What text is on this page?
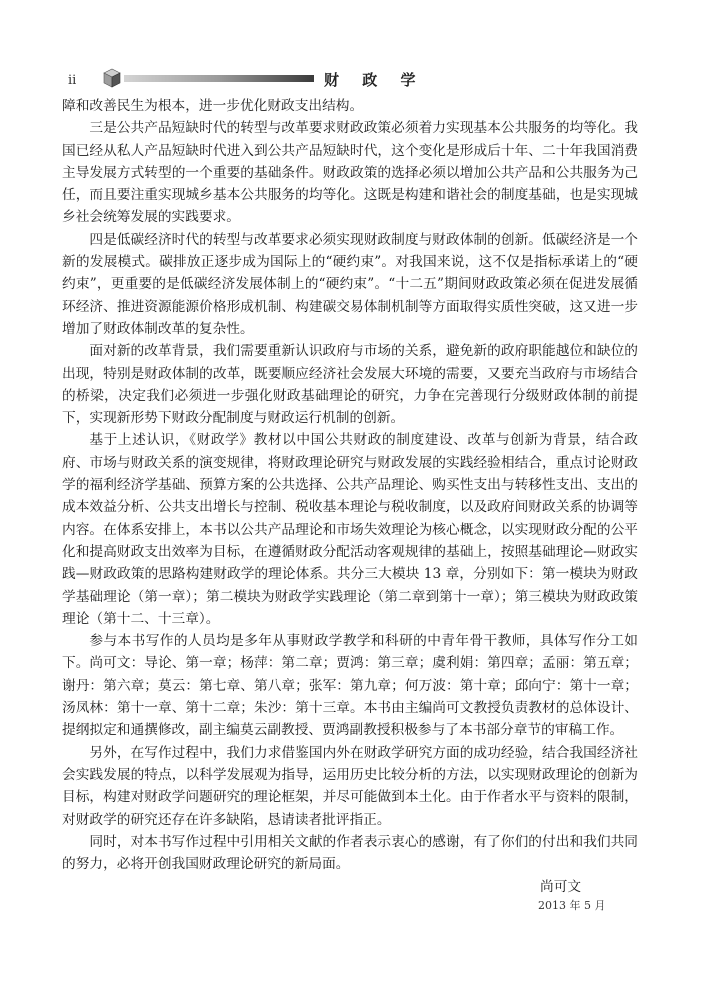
ii	财 政 学

障和改善民生为根本，进一步优化财政支出结构。

三是公共产品短缺时代的转型与改革要求财政政策必须着力实现基本公共服务的均等化。我国已经从私人产品短缺时代进入到公共产品短缺时代，这个变化是形成后十年、二十年我国消费主导发展方式转型的一个重要的基础条件。财政政策的选择必须以增加公共产品和公共服务为己任，而且要注重实现城乡基本公共服务的均等化。这既是构建和谐社会的制度基础，也是实现城乡社会统筹发展的实践要求。

四是低碳经济时代的转型与改革要求必须实现财政制度与财政体制的创新。低碳经济是一个新的发展模式。碳排放正逐步成为国际上的“硬约束”。对我国来说，这不仅是指标承诺上的“硬约束”，更重要的是低碳经济发展体制上的“硬约束”。“十二五”期间财政政策必须在促进发展循环经济、推进资源能源价格形成机制、构建碳交易体制机制等方面取得实质性突破，这又进一步增加了财政体制改革的复杂性。

面对新的改革背景，我们需要重新认识政府与市场的关系，避免新的政府职能越位和缺位的出现，特别是财政体制的改革，既要顺应经济社会发展大环境的需要，又要充当政府与市场结合的桥梁，决定我们必须进一步强化财政基础理论的研究，力争在完善现行分级财政体制的前提下，实现新形势下财政分配制度与财政运行机制的创新。

基于上述认识，《财政学》教材以中国公共财政的制度建设、改革与创新为背景，结合政府、市场与财政关系的演变规律，将财政理论研究与财政发展的实践经验相结合，重点讨论财政学的福利经济学基础、预算方案的公共选择、公共产品理论、购买性支出与转移性支出、支出的成本效益分析、公共支出增长与控制、税收基本理论与税收制度，以及政府间财政关系的协调等内容。在体系安排上，本书以公共产品理论和市场失效理论为核心概念，以实现财政分配的公平化和提高财政支出效率为目标，在遵循财政分配活动客观规律的基础上，按照基础理论—财政实践—财政政策的思路构建财政学的理论体系。共分三大模块 13 章，分别如下：第一模块为财政学基础理论（第一章）；第二模块为财政学实践理论（第二章到第十一章）；第三模块为财政政策理论（第十二、十三章）。

参与本书写作的人员均是多年从事财政学教学和科研的中青年骨干教师，具体写作分工如下。尚可文：导论、第一章；杨萍：第二章；贾鸿：第三章；虞利娟：第四章；孟丽：第五章；谢丹：第六章；莫云：第七章、第八章；张军：第九章；何万波：第十章；邱向宁：第十一章；汤凤林：第十一章、第十二章；朱沙：第十三章。本书由主编尚可文教授负责教材的总体设计、提纲拟定和通撰修改，副主编莫云副教授、贾鸿副教授积极参与了本书部分章节的审稿工作。

另外，在写作过程中，我们力求借鉴国内外在财政学研究方面的成功经验，结合我国经济社会实践发展的特点，以科学发展观为指导，运用历史比较分析的方法，以实现财政理论的创新为目标，构建对财政学问题研究的理论框架，并尽可能做到本土化。由于作者水平与资料的限制，对财政学的研究还存在许多缺陷，恳请读者批评指正。

同时，对本书写作过程中引用相关文献的作者表示衷心的感谢，有了你们的付出和我们共同的努力，必将开创我国财政理论研究的新局面。

尚可文
2013 年 5 月
